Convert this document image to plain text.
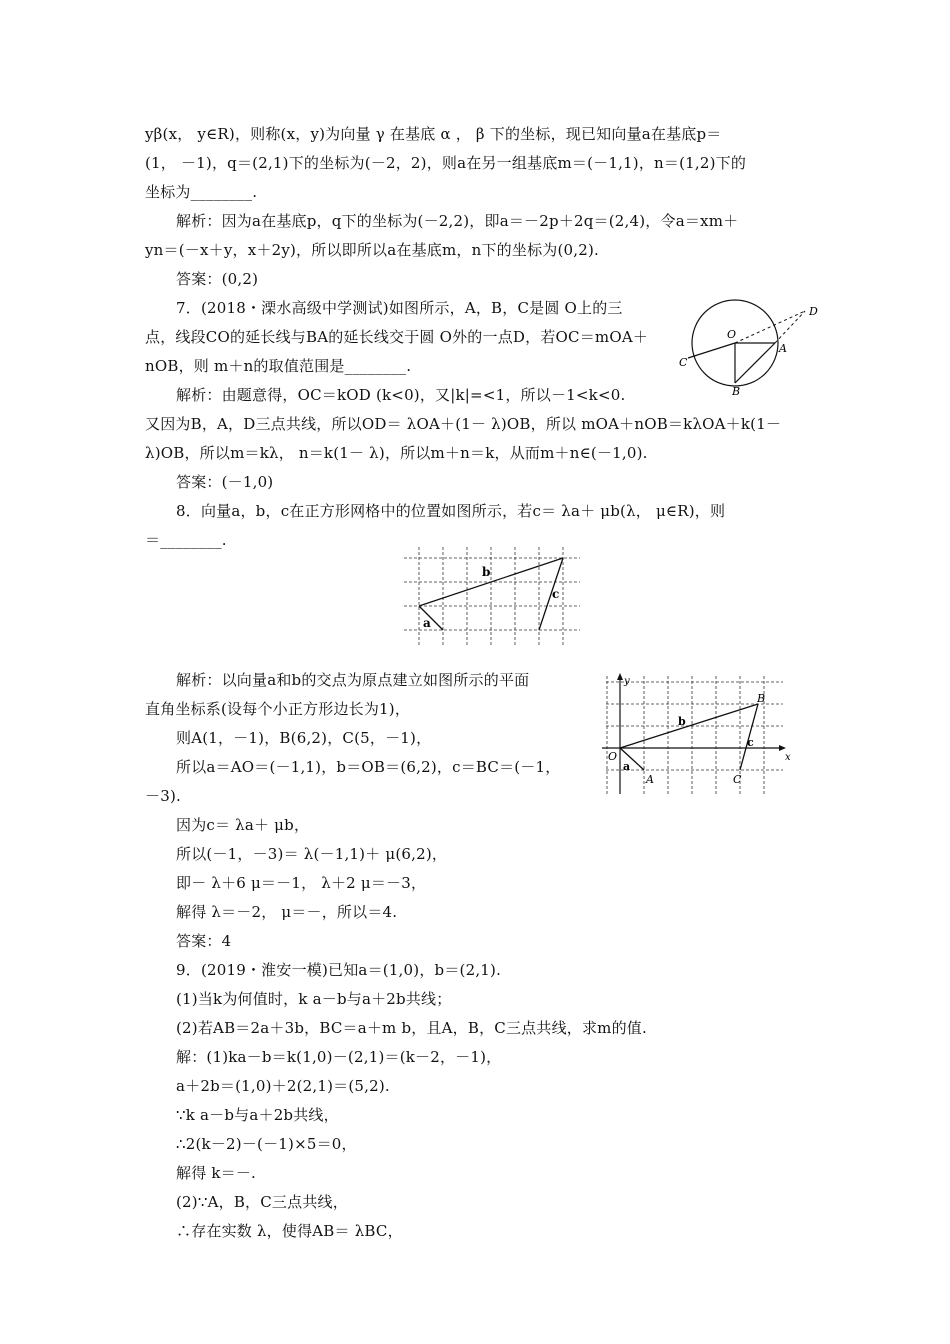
yβ(x， y∈R)，则称(x，y)为向量 γ 在基底 α ， β 下的坐标，现已知向量a在基底p＝
(1， －1)，q＝(2,1)下的坐标为(－2，2)，则a在另一组基底m＝(－1,1)，n＝(1,2)下的
坐标为________.
解析：因为a在基底p，q下的坐标为(－2,2)，即a＝－2p＋2q＝(2,4)，令a＝xm＋
yn＝(－x＋y，x＋2y)，所以即所以a在基底m，n下的坐标为(0,2).
答案：(0,2)
7．(2018・溧水高级中学测试)如图所示，A，B，C是圆 O上的三
点，线段CO的延长线与BA的延长线交于圆 O外的一点D，若OC＝mOA＋
nOB，则 m＋n的取值范围是________.
解析：由题意得，OC＝kOD (k<0)，又|k|=<1，所以－1<k<0.
又因为B，A，D三点共线，所以OD＝ λOA＋(1－ λ)OB，所以 mOA＋nOB＝kλOA＋k(1－
λ)OB，所以m＝kλ， n＝k(1－ λ)，所以m＋n＝k，从而m＋n∈(－1,0).
答案：(－1,0)
8．向量a，b，c在正方形网格中的位置如图所示，若c＝ λa＋ μb(λ， μ∈R)，则
＝________.
解析：以向量a和b的交点为原点建立如图所示的平面
直角坐标系(设每个小正方形边长为1)，
则A(1，－1)，B(6,2)，C(5，－1)，
所以a＝AO＝(－1,1)，b＝OB＝(6,2)，c＝BC＝(－1，
－3).
因为c＝ λa＋ μb，
所以(－1，－3)＝ λ(－1,1)＋ μ(6,2)，
即－ λ＋6 μ＝－1， λ＋2 μ＝－3，
解得 λ＝－2， μ＝－，所以＝4.
答案：4
9．(2019・淮安一模)已知a＝(1,0)，b＝(2,1).
(1)当k为何值时，k a－b与a＋2b共线；
(2)若AB＝2a＋3b，BC＝a＋m b，且A，B，C三点共线，求m的值.
解：(1)ka－b＝k(1,0)－(2,1)＝(k－2，－1)，
a＋2b＝(1,0)＋2(2,1)＝(5,2).
∵k a－b与a＋2b共线，
∴2(k－2)－(－1)×5＝0，
解得 k＝－.
(2)∵A，B，C三点共线，
∴存在实数 λ，使得AB＝ λBC，
O
A
B
C
D
a
b
c
y
x
O
A
B
C
a
b
c
